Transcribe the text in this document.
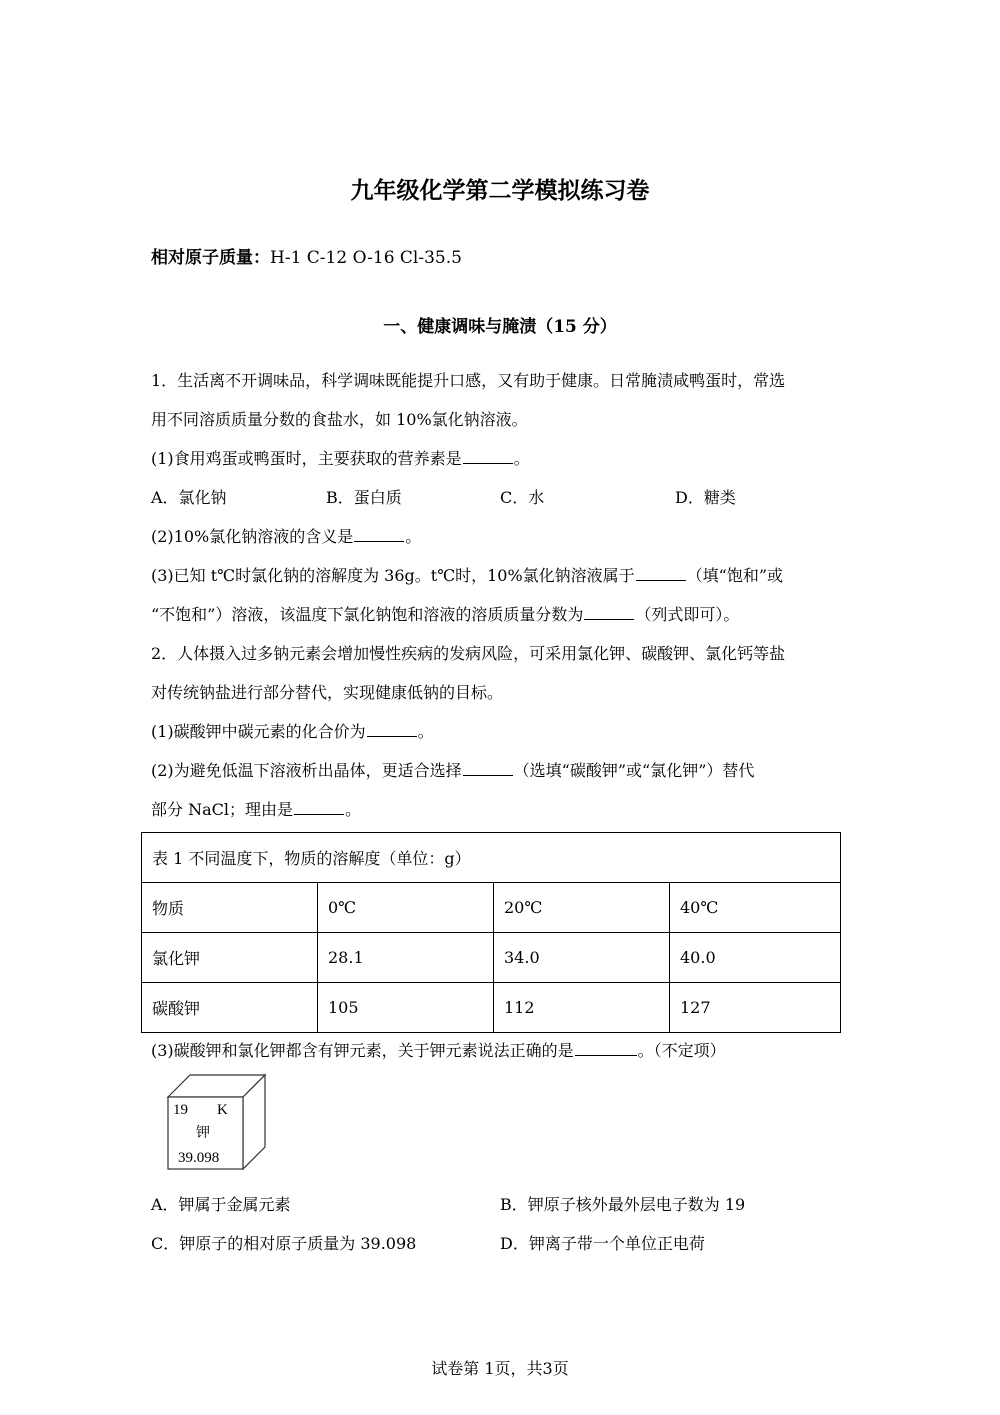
九年级化学第二学模拟练习卷
相对原子质量：H-1 C-12 O-16 Cl-35.5
一、健康调味与腌渍（15 分）
1．生活离不开调味品，科学调味既能提升口感，又有助于健康。日常腌渍咸鸭蛋时，常选
用不同溶质质量分数的食盐水，如 10%氯化钠溶液。
(1)食用鸡蛋或鸭蛋时，主要获取的营养素是	。
A．氯化钠	B．蛋白质	C．水	D．糖类
(2)10%氯化钠溶液的含义是	。
(3)已知 t℃时氯化钠的溶解度为 36g。t℃时，10%氯化钠溶液属于	（填“饱和”或
“不饱和”）溶液，该温度下氯化钠饱和溶液的溶质质量分数为	（列式即可）。
2．人体摄入过多钠元素会增加慢性疾病的发病风险，可采用氯化钾、碳酸钾、氯化钙等盐
对传统钠盐进行部分替代，实现健康低钠的目标。
(1)碳酸钾中碳元素的化合价为	。
(2)为避免低温下溶液析出晶体，更适合选择	（选填“碳酸钾”或“氯化钾”）替代
部分 NaCl；理由是	。
表 1 不同温度下，物质的溶解度（单位：g）			
物质	0℃	20℃	40℃
氯化钾	28.1	34.0	40.0
碳酸钾	105	112	127
(3)碳酸钾和氯化钾都含有钾元素，关于钾元素说法正确的是	。（不定项）
19 K
钾
39.098
A．钾属于金属元素	B．钾原子核外最外层电子数为 19
C．钾原子的相对原子质量为 39.098	D．钾离子带一个单位正电荷
试卷第 1页，共3页
